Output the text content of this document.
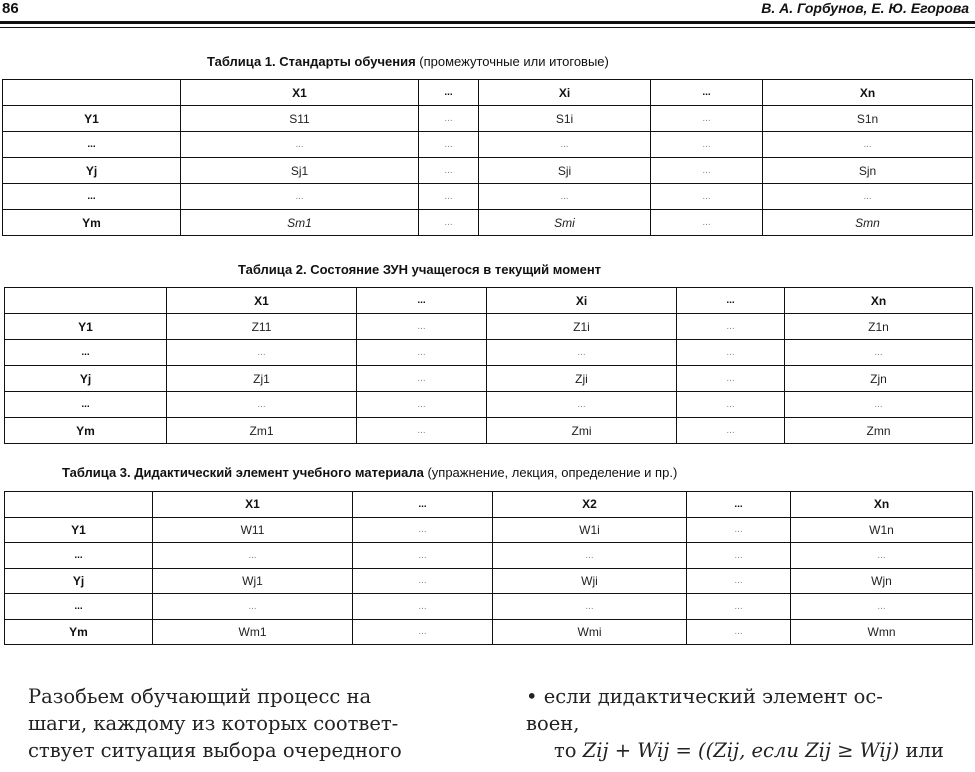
86	В. А. Горбунов, Е. Ю. Егорова
Таблица 1. Стандарты обучения (промежуточные или итоговые)
	X1	...	Xi	...	Xn
Y1	S11	...	S1i	...	S1n
...	...	...	...	...	...
Yj	Sj1	...	Sji	...	Sjn
...	...	...	...	...	...
Ym	Sm1	...	Smi	...	Smn
Таблица 2. Состояние ЗУН учащегося в текущий момент
	X1	...	Xi	...	Xn
Y1	Z11	...	Z1i	...	Z1n
...	...	...	...	...	...
Yj	Zj1	...	Zji	...	Zjn
...	...	...	...	...	...
Ym	Zm1	...	Zmi	...	Zmn
Таблица 3. Дидактический элемент учебного материала (упражнение, лекция, определение и пр.)
	X1	...	X2	...	Xn
Y1	W11	...	W1i	...	W1n
...	...	...	...	...	...
Yj	Wj1	...	Wji	...	Wjn
...	...	...	...	...	...
Ym	Wm1	...	Wmi	...	Wmn
Разобьем обучающий процесс на
шаги, каждому из которых соответ-
ствует ситуация выбора очередного
• если дидактический элемент ос-
воен,
то Zij + Wij = ((Zij, если Zij ≥ Wij) или
